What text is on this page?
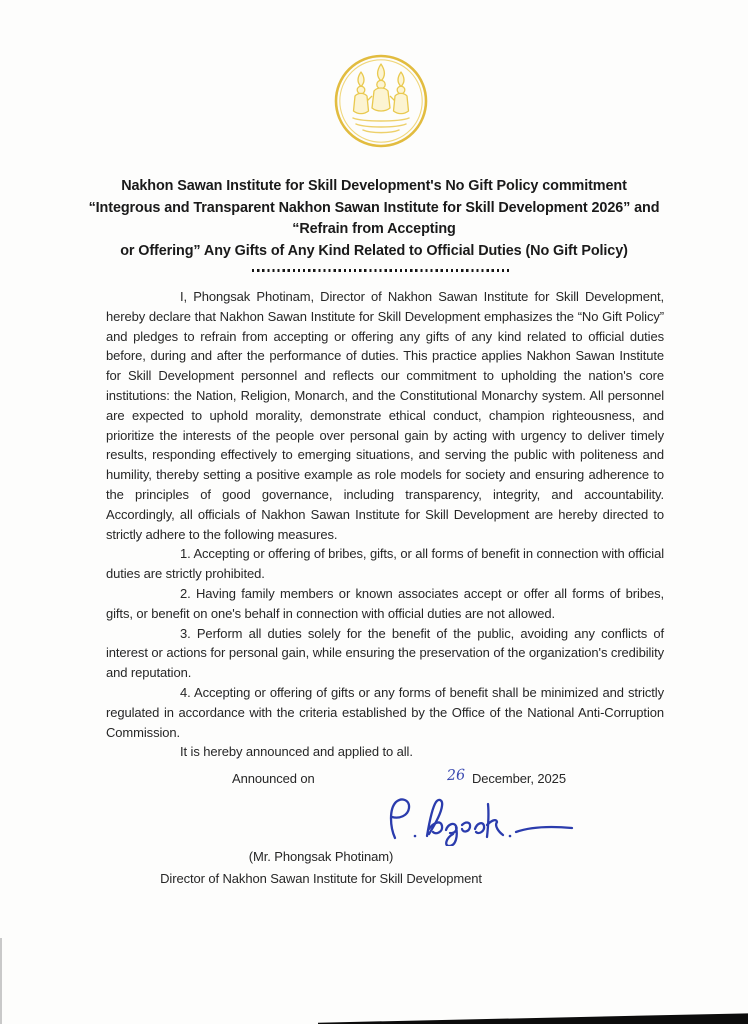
Nakhon Sawan Institute for Skill Development's No Gift Policy commitment
“Integrous and Transparent Nakhon Sawan Institute for Skill Development 2026” and
“Refrain from Accepting
or Offering” Any Gifts of Any Kind Related to Official Duties (No Gift Policy)

I, Phongsak Photinam, Director of Nakhon Sawan Institute for Skill Development, hereby declare that Nakhon Sawan Institute for Skill Development emphasizes the “No Gift Policy” and pledges to refrain from accepting or offering any gifts of any kind related to official duties before, during and after the performance of duties. This practice applies Nakhon Sawan Institute for Skill Development personnel and reflects our commitment to upholding the nation's core institutions: the Nation, Religion, Monarch, and the Constitutional Monarchy system. All personnel are expected to uphold morality, demonstrate ethical conduct, champion righteousness, and prioritize the interests of the people over personal gain by acting with urgency to deliver timely results, responding effectively to emerging situations, and serving the public with politeness and humility, thereby setting a positive example as role models for society and ensuring adherence to the principles of good governance, including transparency, integrity, and accountability. Accordingly, all officials of Nakhon Sawan Institute for Skill Development are hereby directed to strictly adhere to the following measures.

1. Accepting or offering of bribes, gifts, or all forms of benefit in connection with official duties are strictly prohibited.

2. Having family members or known associates accept or offer all forms of bribes, gifts, or benefit on one's behalf in connection with official duties are not allowed.

3. Perform all duties solely for the benefit of the public, avoiding any conflicts of interest or actions for personal gain, while ensuring the preservation of the organization's credibility and reputation.

4. Accepting or offering of gifts or any forms of benefit shall be minimized and strictly regulated in accordance with the criteria established by the Office of the National Anti-Corruption Commission.

It is hereby announced and applied to all.

Announced on	26 December, 2025

(Mr. Phongsak Photinam)

Director of Nakhon Sawan Institute for Skill Development
